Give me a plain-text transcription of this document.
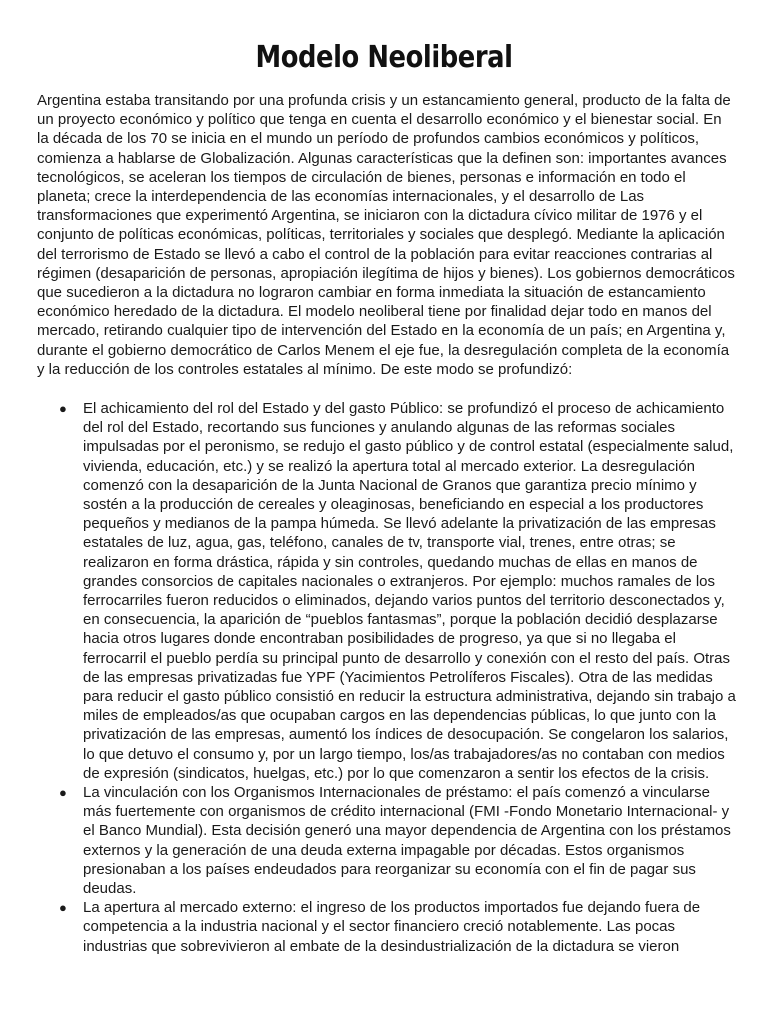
Modelo Neoliberal

Argentina estaba transitando por una profunda crisis y un estancamiento general, producto de la falta de un proyecto económico y político que tenga en cuenta el desarrollo económico y el bienestar social. En la década de los 70 se inicia en el mundo un período de profundos cambios económicos y políticos, comienza a hablarse de Globalización. Algunas características que la definen son: importantes avances tecnológicos, se aceleran los tiempos de circulación de bienes, personas e información en todo el planeta; crece la interdependencia de las economías internacionales, y el desarrollo de Las transformaciones que experimentó Argentina, se iniciaron con la dictadura cívico militar de 1976 y el conjunto de políticas económicas, políticas, territoriales y sociales que desplegó. Mediante la aplicación del terrorismo de Estado se llevó a cabo el control de la población para evitar reacciones contrarias al régimen (desaparición de personas, apropiación ilegítima de hijos y bienes). Los gobiernos democráticos que sucedieron a la dictadura no lograron cambiar en forma inmediata la situación de estancamiento económico heredado de la dictadura. El modelo neoliberal tiene por finalidad dejar todo en manos del mercado, retirando cualquier tipo de intervención del Estado en la economía de un país; en Argentina y, durante el gobierno democrático de Carlos Menem el eje fue, la desregulación completa de la economía y la reducción de los controles estatales al mínimo. De este modo se profundizó:

● El achicamiento del rol del Estado y del gasto Público: se profundizó el proceso de achicamiento del rol del Estado, recortando sus funciones y anulando algunas de las reformas sociales impulsadas por el peronismo, se redujo el gasto público y de control estatal (especialmente salud, vivienda, educación, etc.) y se realizó la apertura total al mercado exterior. La desregulación comenzó con la desaparición de la Junta Nacional de Granos que garantiza precio mínimo y sostén a la producción de cereales y oleaginosas, beneficiando en especial a los productores pequeños y medianos de la pampa húmeda. Se llevó adelante la privatización de las empresas estatales de luz, agua, gas, teléfono, canales de tv, transporte vial, trenes, entre otras; se realizaron en forma drástica, rápida y sin controles, quedando muchas de ellas en manos de grandes consorcios de capitales nacionales o extranjeros. Por ejemplo: muchos ramales de los ferrocarriles fueron reducidos o eliminados, dejando varios puntos del territorio desconectados y, en consecuencia, la aparición de “pueblos fantasmas”, porque la población decidió desplazarse hacia otros lugares donde encontraban posibilidades de progreso, ya que si no llegaba el ferrocarril el pueblo perdía su principal punto de desarrollo y conexión con el resto del país. Otras de las empresas privatizadas fue YPF (Yacimientos Petrolíferos Fiscales). Otra de las medidas para reducir el gasto público consistió en reducir la estructura administrativa, dejando sin trabajo a miles de empleados/as que ocupaban cargos en las dependencias públicas, lo que junto con la privatización de las empresas, aumentó los índices de desocupación. Se congelaron los salarios, lo que detuvo el consumo y, por un largo tiempo, los/as trabajadores/as no contaban con medios de expresión (sindicatos, huelgas, etc.) por lo que comenzaron a sentir los efectos de la crisis.
● La vinculación con los Organismos Internacionales de préstamo: el país comenzó a vincularse más fuertemente con organismos de crédito internacional (FMI -Fondo Monetario Internacional- y el Banco Mundial). Esta decisión generó una mayor dependencia de Argentina con los préstamos externos y la generación de una deuda externa impagable por décadas. Estos organismos presionaban a los países endeudados para reorganizar su economía con el fin de pagar sus deudas.
● La apertura al mercado externo: el ingreso de los productos importados fue dejando fuera de competencia a la industria nacional y el sector financiero creció notablemente. Las pocas industrias que sobrevivieron al embate de la desindustrialización de la dictadura se vieron
